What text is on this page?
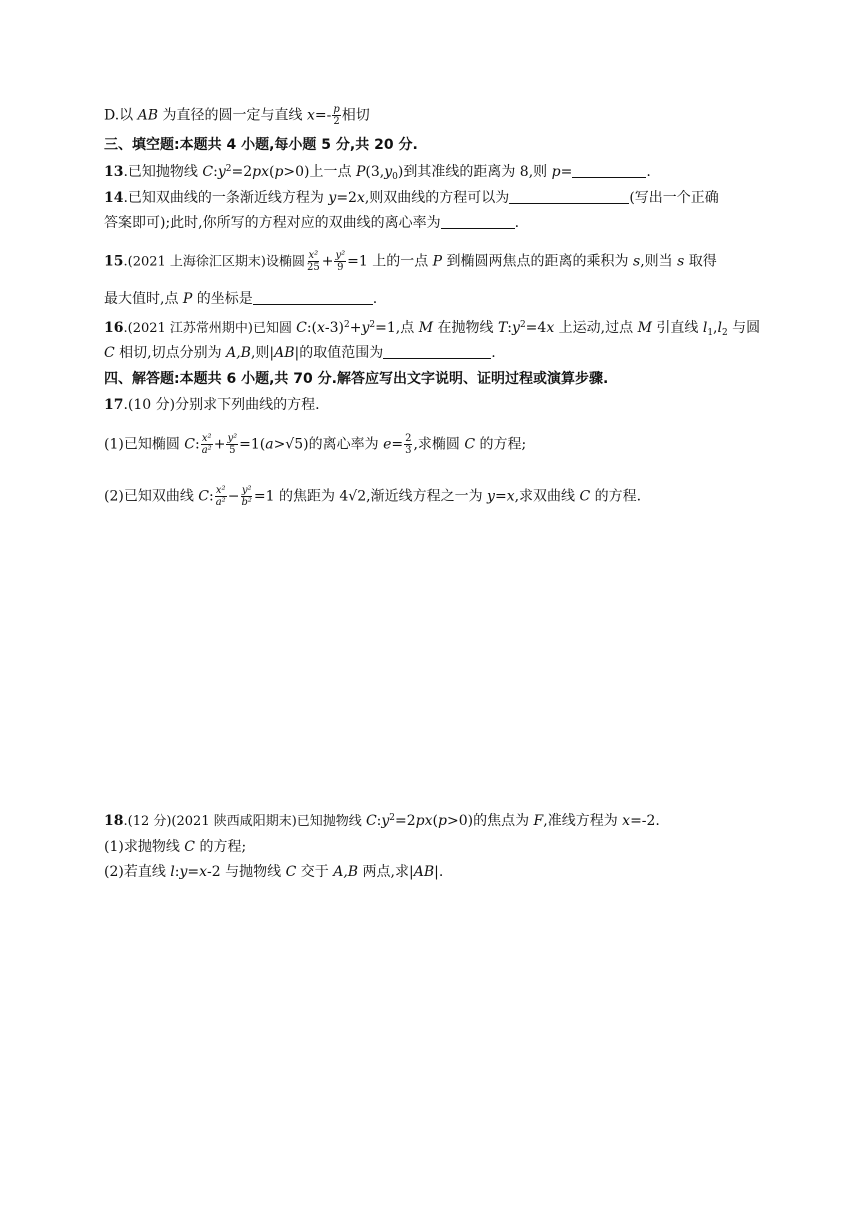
D.以 AB 为直径的圆一定与直线 $x=- \frac{p}{2}$ 相切
三、填空题:本题共 4 小题,每小题 5 分,共 20 分.
13.已知抛物线 $C:y^2=2px(p>0)$上一点 $P(3,y_0)$到其准线的距离为 8,则 p=	.
14.已知双曲线的一条渐近线方程为 y=2x,则双曲线的方程可以为	(写出一个正确
答案即可);此时,你所写的方程对应的双曲线的离心率为	.
15.(2021 上海徐汇区期末)设椭圆 $\frac{\text{x²}}{25} + \frac{\text{y²}}{9} =1$ 上的一点 P 到椭圆两焦点的距离的乘积为 s,则当 s 取得
最大值时,点 P 的坐标是	.
16.(2021 江苏常州期中)已知圆 $C:(x-3)^2+y^2=1$,点 M 在抛物线 $T:y^2=4x$ 上运动,过点 M 引直线 $l_1,l_2$ 与圆
C 相切,切点分别为 A,B,则|AB|的取值范围为	.
四、解答题:本题共 6 小题,共 70 分.解答应写出文字说明、证明过程或演算步骤.
17.(10 分)分别求下列曲线的方程.
(1)已知椭圆 C: $\frac{\text{x²}}{\text{a²}} + \frac{\text{y²}}{5} =1(a>√5)$的离心率为 $e= \frac{2}{3}$ ,求椭圆 C 的方程;
(2)已知双曲线 C: $\frac{\text{x²}}{\text{a²}} - \frac{\text{y²}}{\text{b²}} =1$ 的焦距为 4√2,渐近线方程之一为 y=x,求双曲线 C 的方程.
18.(12 分)(2021 陕西咸阳期末)已知抛物线 $C:y^2=2px(p>0)$的焦点为 F,准线方程为 x=-2.
(1)求抛物线 C 的方程;
(2)若直线 l:y=x-2 与抛物线 C 交于 A,B 两点,求|AB|.
